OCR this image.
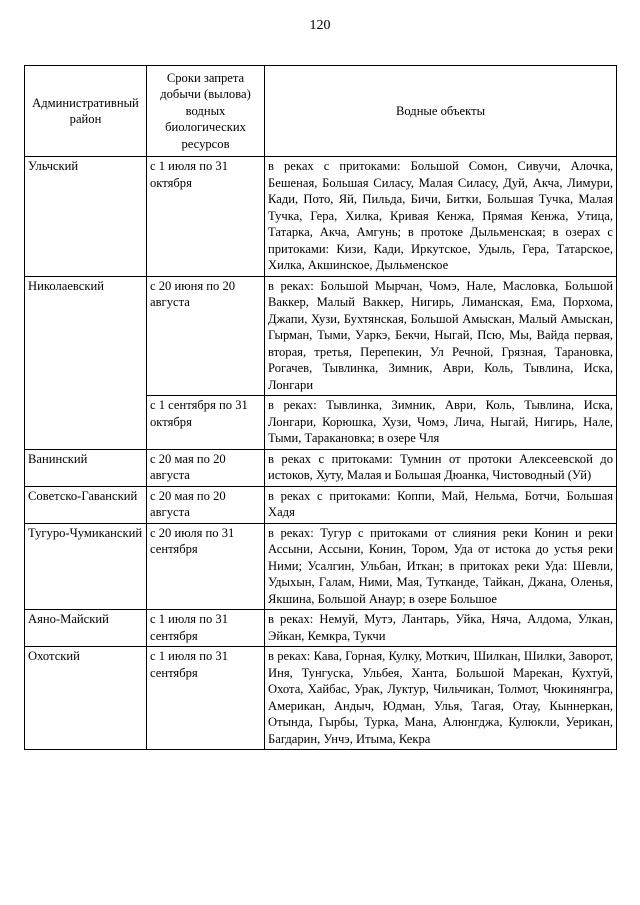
120
Административный район	Сроки запрета добычи (вылова) водных биологических ресурсов	Водные объекты
Ульчский	с 1 июля по 31 октября	в реках с притоками: Большой Сомон, Сивучи, Алочка, Бешеная, Большая Силасу, Малая Силасу, Дуй, Акча, Лимури, Кади, Пото, Яй, Пильда, Бичи, Битки, Большая Тучка, Малая Тучка, Гера, Хилка, Кривая Кенжа, Прямая Кенжа, Утица, Татарка, Акча, Амгунь; в протоке Дыльменская; в озерах с притоками: Кизи, Кади, Иркутское, Удыль, Гера, Татарское, Хилка, Акшинское, Дыльменское
Николаевский	с 20 июня по 20 августа	в реках: Большой Мырчан, Чомэ, Нале, Масловка, Большой Ваккер, Малый Ваккер, Нигирь, Лиманская, Ема, Порхома, Джапи, Хузи, Бухтянская, Большой Амыскан, Малый Амыскан, Гырман, Тыми, Уаркэ, Бекчи, Ныгай, Псю, Мы, Вайда первая, вторая, третья, Перепекин, Ул Речной, Грязная, Тарановка, Рогачев, Тывлинка, Зимник, Аври, Коль, Тывлина, Иска, Лонгари
	с 1 сентября по 31 октября	в реках: Тывлинка, Зимник, Аври, Коль, Тывлина, Иска, Лонгари, Корюшка, Хузи, Чомэ, Лича, Ныгай, Нигирь, Нале, Тыми, Таракановка; в озере Чля
Ванинский	с 20 мая по 20 августа	в реках с притоками: Тумнин от протоки Алексеевской до истоков, Хуту, Малая и Большая Дюанка, Чистоводный (Уй)
Советско-Гаванский	с 20 мая по 20 августа	в реках с притоками: Коппи, Май, Нельма, Ботчи, Большая Хадя
Тугуро-Чумиканский	с 20 июля по 31 сентября	в реках: Тугур с притоками от слияния реки Конин и реки Ассыни, Ассыни, Конин, Тором, Уда от истока до устья реки Ними; Усалгин, Ульбан, Иткан; в притоках реки Уда: Шевли, Удыхын, Галам, Ними, Мая, Тутканде, Тайкан, Джана, Оленья, Якшина, Большой Анаур; в озере Большое
Аяно-Майский	с 1 июля по 31 сентября	в реках: Немуй, Мутэ, Лантарь, Уйка, Няча, Алдома, Улкан, Эйкан, Кемкра, Тукчи
Охотский	с 1 июля по 31 сентября	в реках: Кава, Горная, Кулку, Моткич, Шилкан, Шилки, Заворот, Иня, Тунгуска, Ульбея, Ханта, Большой Марекан, Кухтуй, Охота, Хайбас, Урак, Луктур, Чильчикан, Толмот, Чюкинянгра, Американ, Андыч, Юдман, Улья, Тагая, Отау, Кыннеркан, Отында, Гырбы, Турка, Мана, Алюнгджа, Кулюкли, Уерикан, Багдарин, Унчэ, Итыма, Кекра
